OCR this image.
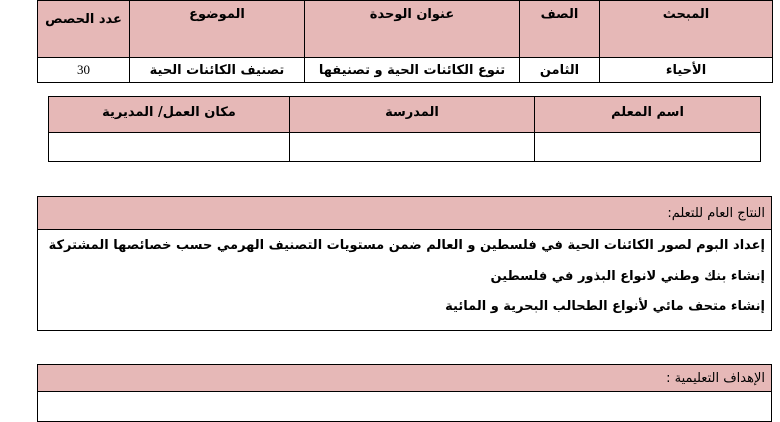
المبحث	الصف	عنوان الوحدة	الموضوع	عدد الحصص
الأحياء	الثامن	تنوع الكائنات الحية و تصنيفها	تصنيف الكائنات الحية	30
اسم المعلم	المدرسة	مكان العمل/ المديرية

النتاج العام للتعلم:

إعداد البوم لصور الكائنات الحية في فلسطين و العالم ضمن مستويات التصنيف الهرمي حسب خصائصها المشتركة
إنشاء بنك وطني لانواع البذور في فلسطين
إنشاء متحف مائي لأنواع الطحالب البحرية و المائية
الإهداف التعليمية :
